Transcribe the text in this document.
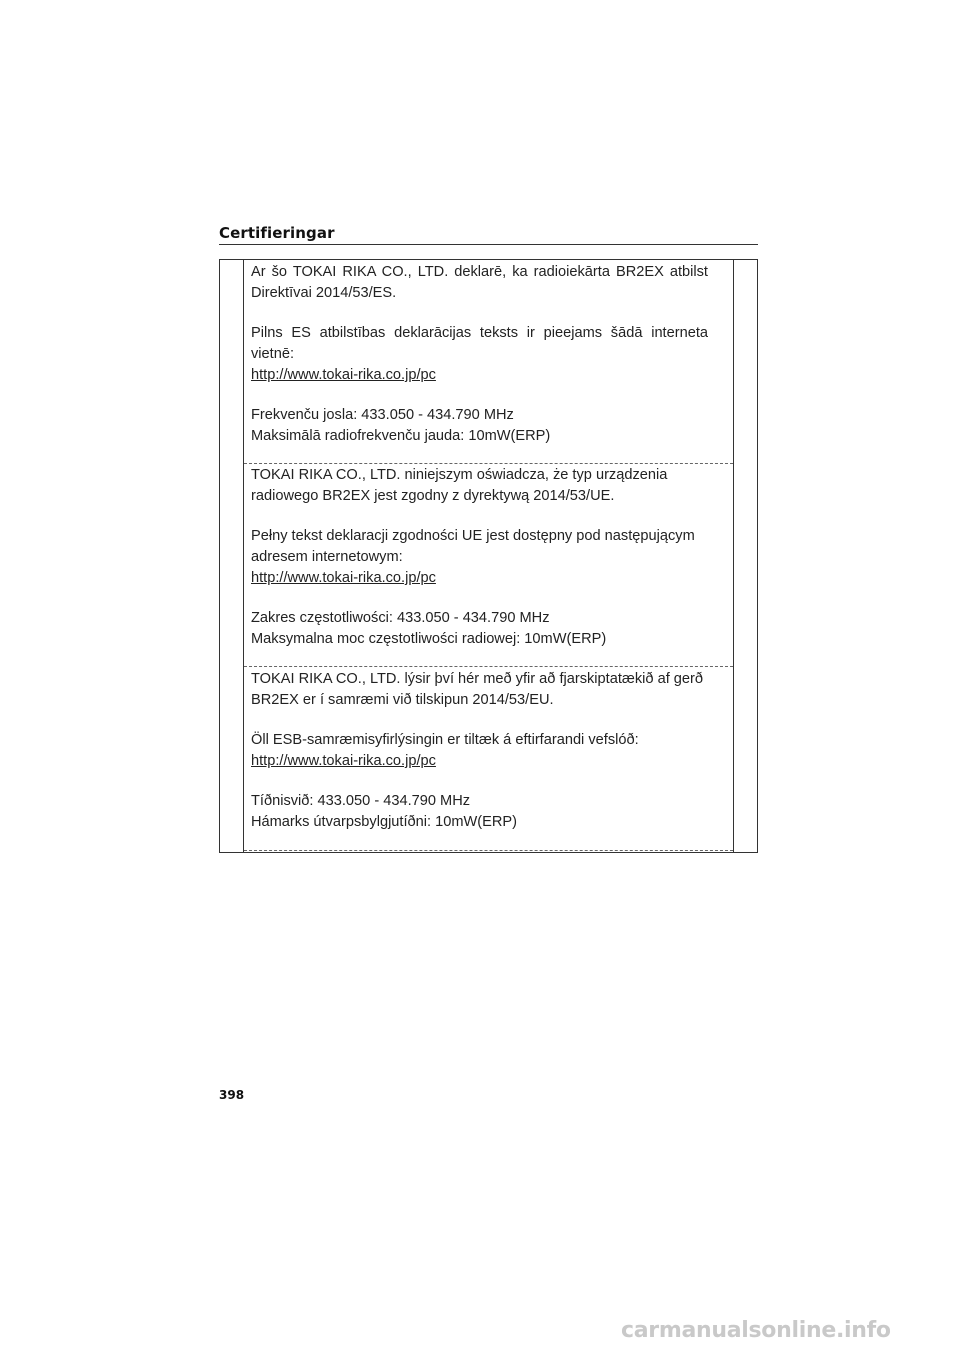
Certifieringar

Ar šo TOKAI RIKA CO., LTD. deklarē, ka radioiekārta BR2EX atbilst Direktīvai 2014/53/ES.

Pilns ES atbilstības deklarācijas teksts ir pieejams šādā interneta vietnē:

http://www.tokai-rika.co.jp/pc

Frekvenču josla: 433.050 - 434.790 MHz

Maksimālā radiofrekvenču jauda: 10mW(ERP)

TOKAI RIKA CO., LTD. niniejszym oświadcza, że typ urządzenia radiowego BR2EX jest zgodny z dyrektywą 2014/53/UE.

Pełny tekst deklaracji zgodności UE jest dostępny pod następującym adresem internetowym:

http://www.tokai-rika.co.jp/pc

Zakres częstotliwości: 433.050 - 434.790 MHz

Maksymalna moc częstotliwości radiowej: 10mW(ERP)

TOKAI RIKA CO., LTD. lýsir því hér með yfir að fjarskiptatækið af gerð BR2EX er í samræmi við tilskipun 2014/53/EU.

Öll ESB-samræmisyfirlýsingin er tiltæk á eftirfarandi vefslóð:

http://www.tokai-rika.co.jp/pc

Tíðnisvið: 433.050 - 434.790 MHz

Hámarks útvarpsbylgjutíðni: 10mW(ERP)

398
carmanualsonline.info
